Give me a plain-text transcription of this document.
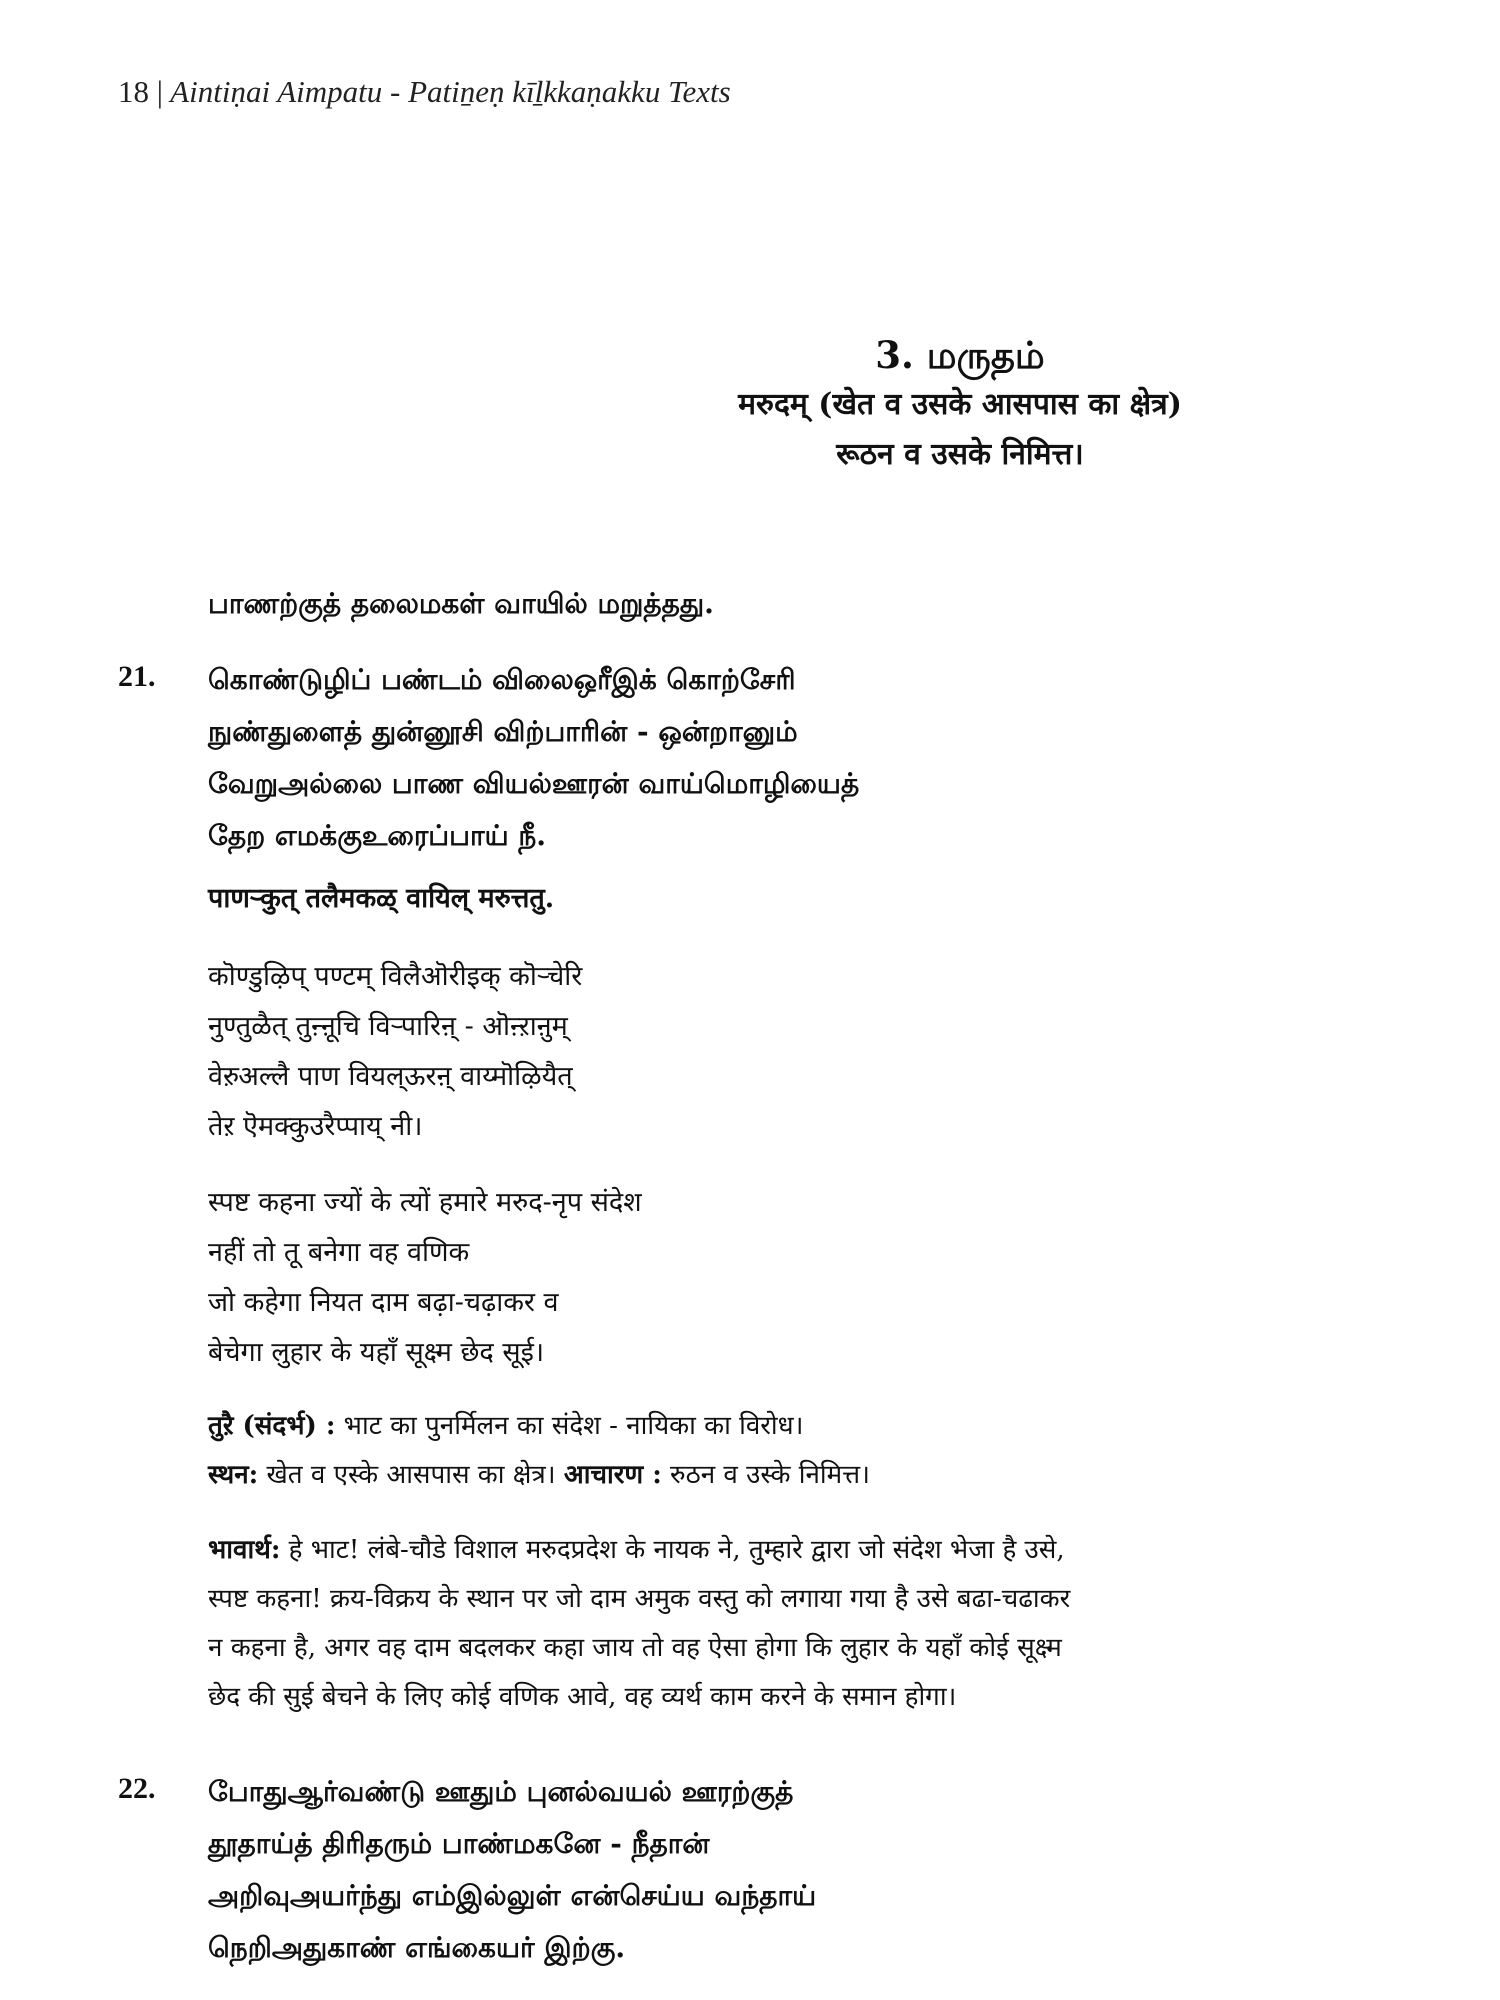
18 | Aintiṇai Aimpatu - Patiṉeṇ kīḻkkaṇakku Texts
3. மருதம்
मरुदम् (खेत व उसके आसपास का क्षेत्र)
रूठन व उसके निमित्त।
பாணற்குத் தலைமகள் வாயில் மறுத்தது.
21. கொண்டுழிப் பண்டம் விலைஒரீஇக் கொற்சேரி
நுண்துளைத் துன்னூசி விற்பாரின் - ஒன்றானும்
வேறுஅல்லை பாண வியல்ஊரன் வாய்மொழியைத்
தேற எமக்குஉரைப்பாய் நீ.
पाणऱ्कुत् तलैमकळ् वायिल् मरुत्ततु.
कॊण्डुऴिप् पण्टम् विलैऒरीइक् कॊऱ्चेरि
नुण्तुळैत् तुऩ्ऩूचि विऱ्पारिऩ् - ऒऩ्ऱाऩुम्
वेऱुअल्लै पाण वियल्ऊरऩ् वाय्मॊऴियैत्
तेऱ ऎमक्कुउरैप्पाय् नी।
स्पष्ट कहना ज्यों के त्यों हमारे मरुद-नृप संदेश
नहीं तो तू बनेगा वह वणिक
जो कहेगा नियत दाम बढ़ा-चढ़ाकर व
बेचेगा लुहार के यहाँ सूक्ष्म छेद सूई।
तुऱै (संदर्भ) : भाट का पुनर्मिलन का संदेश - नायिका का विरोध।
स्थन: खेत व एस्के आसपास का क्षेत्र। आचारण : रुठन व उस्के निमित्त।
भावार्थ: हे भाट! लंबे-चौडे विशाल मरुदप्रदेश के नायक ने, तुम्हारे द्वारा जो संदेश भेजा है उसे,
स्पष्ट कहना! क्रय-विक्रय के स्थान पर जो दाम अमुक वस्तु को लगाया गया है उसे बढा-चढाकर
न कहना है, अगर वह दाम बदलकर कहा जाय तो वह ऐसा होगा कि लुहार के यहाँ कोई सूक्ष्म
छेद की सुई बेचने के लिए कोई वणिक आवे, वह व्यर्थ काम करने के समान होगा।
22. போதுஆர்வண்டு ஊதும் புனல்வயல் ஊரற்குத்
தூதாய்த் திரிதரும் பாண்மகனே - நீதான்
அறிவுஅயர்ந்து எம்இல்லுள் என்செய்ய வந்தாய்
நெறிஅதுகாண் எங்கையர் இற்கு.
